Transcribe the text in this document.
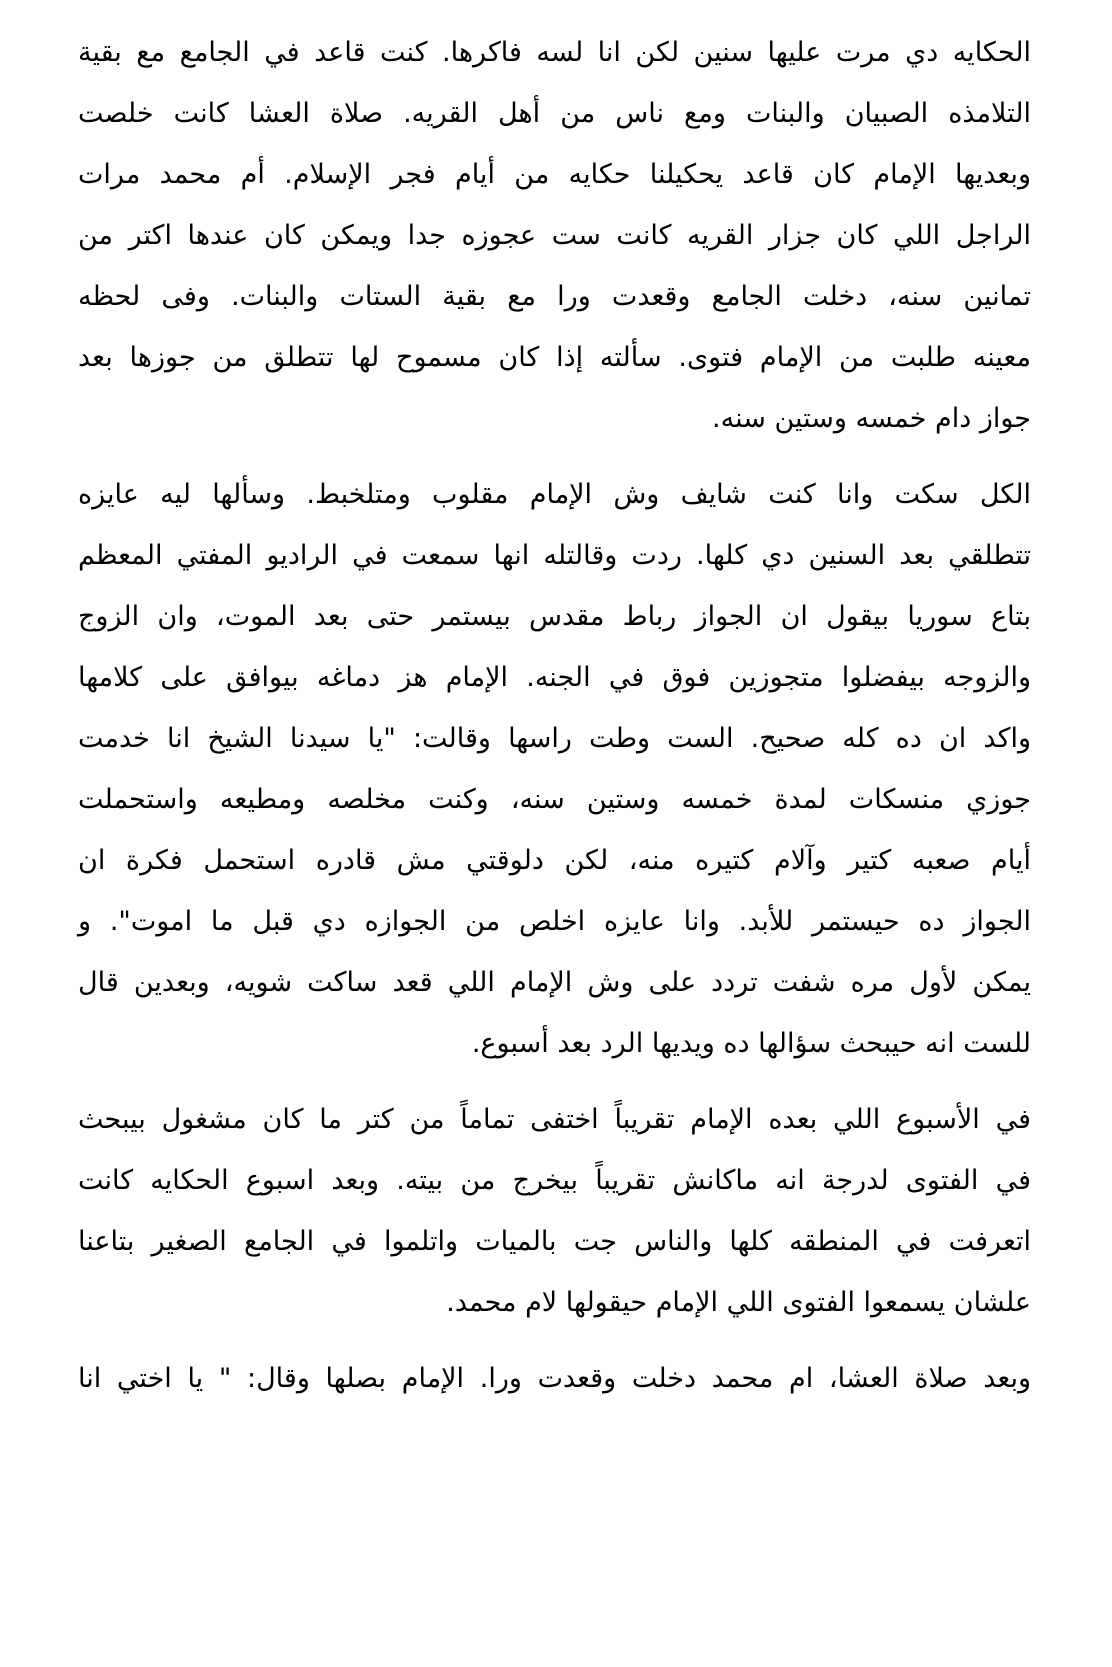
الحكايه دي مرت عليها سنين لكن انا لسه فاكرها. كنت قاعد في الجامع مع بقية
التلامذه الصبيان والبنات ومع ناس من أهل القريه. صلاة العشا كانت خلصت
وبعديها الإمام كان قاعد يحكيلنا حكايه من أيام فجر الإسلام. أم محمد مرات
الراجل اللي كان جزار القريه كانت ست عجوزه جدا ويمكن كان عندها اكتر من
تمانين سنه، دخلت الجامع وقعدت ورا مع بقية الستات والبنات. وفى لحظه
معينه طلبت من الإمام فتوى. سألته إذا كان مسموح لها تتطلق من جوزها بعد
جواز دام خمسه وستين سنه.
الكل سكت وانا كنت شايف وش الإمام مقلوب ومتلخبط. وسألها ليه عايزه
تتطلقي بعد السنين دي كلها. ردت وقالتله انها سمعت في الراديو المفتي المعظم
بتاع سوريا بيقول ان الجواز رباط مقدس بيستمر حتى بعد الموت، وان الزوج
والزوجه بيفضلوا متجوزين فوق في الجنه. الإمام هز دماغه بيوافق على كلامها
واكد ان ده كله صحيح. الست وطت راسها وقالت: "يا سيدنا الشيخ انا خدمت
جوزي منسكات لمدة خمسه وستين سنه، وكنت مخلصه ومطيعه واستحملت
أيام صعبه كتير وآلام كتيره منه، لكن دلوقتي مش قادره استحمل فكرة ان
الجواز ده حيستمر للأبد. وانا عايزه اخلص من الجوازه دي قبل ما اموت". و
يمكن لأول مره شفت تردد على وش الإمام اللي قعد ساكت شويه، وبعدين قال
للست انه حيبحث سؤالها ده ويديها الرد بعد أسبوع.
في الأسبوع اللي بعده الإمام تقريباً اختفى تماماً من كتر ما كان مشغول بيبحث
في الفتوى لدرجة انه ماكانش تقريباً بيخرج من بيته. وبعد اسبوع الحكايه كانت
اتعرفت في المنطقه كلها والناس جت بالميات واتلموا في الجامع الصغير بتاعنا
علشان يسمعوا الفتوى اللي الإمام حيقولها لام محمد.
وبعد صلاة العشا، ام محمد دخلت وقعدت ورا. الإمام بصلها وقال: " يا اختي انا
